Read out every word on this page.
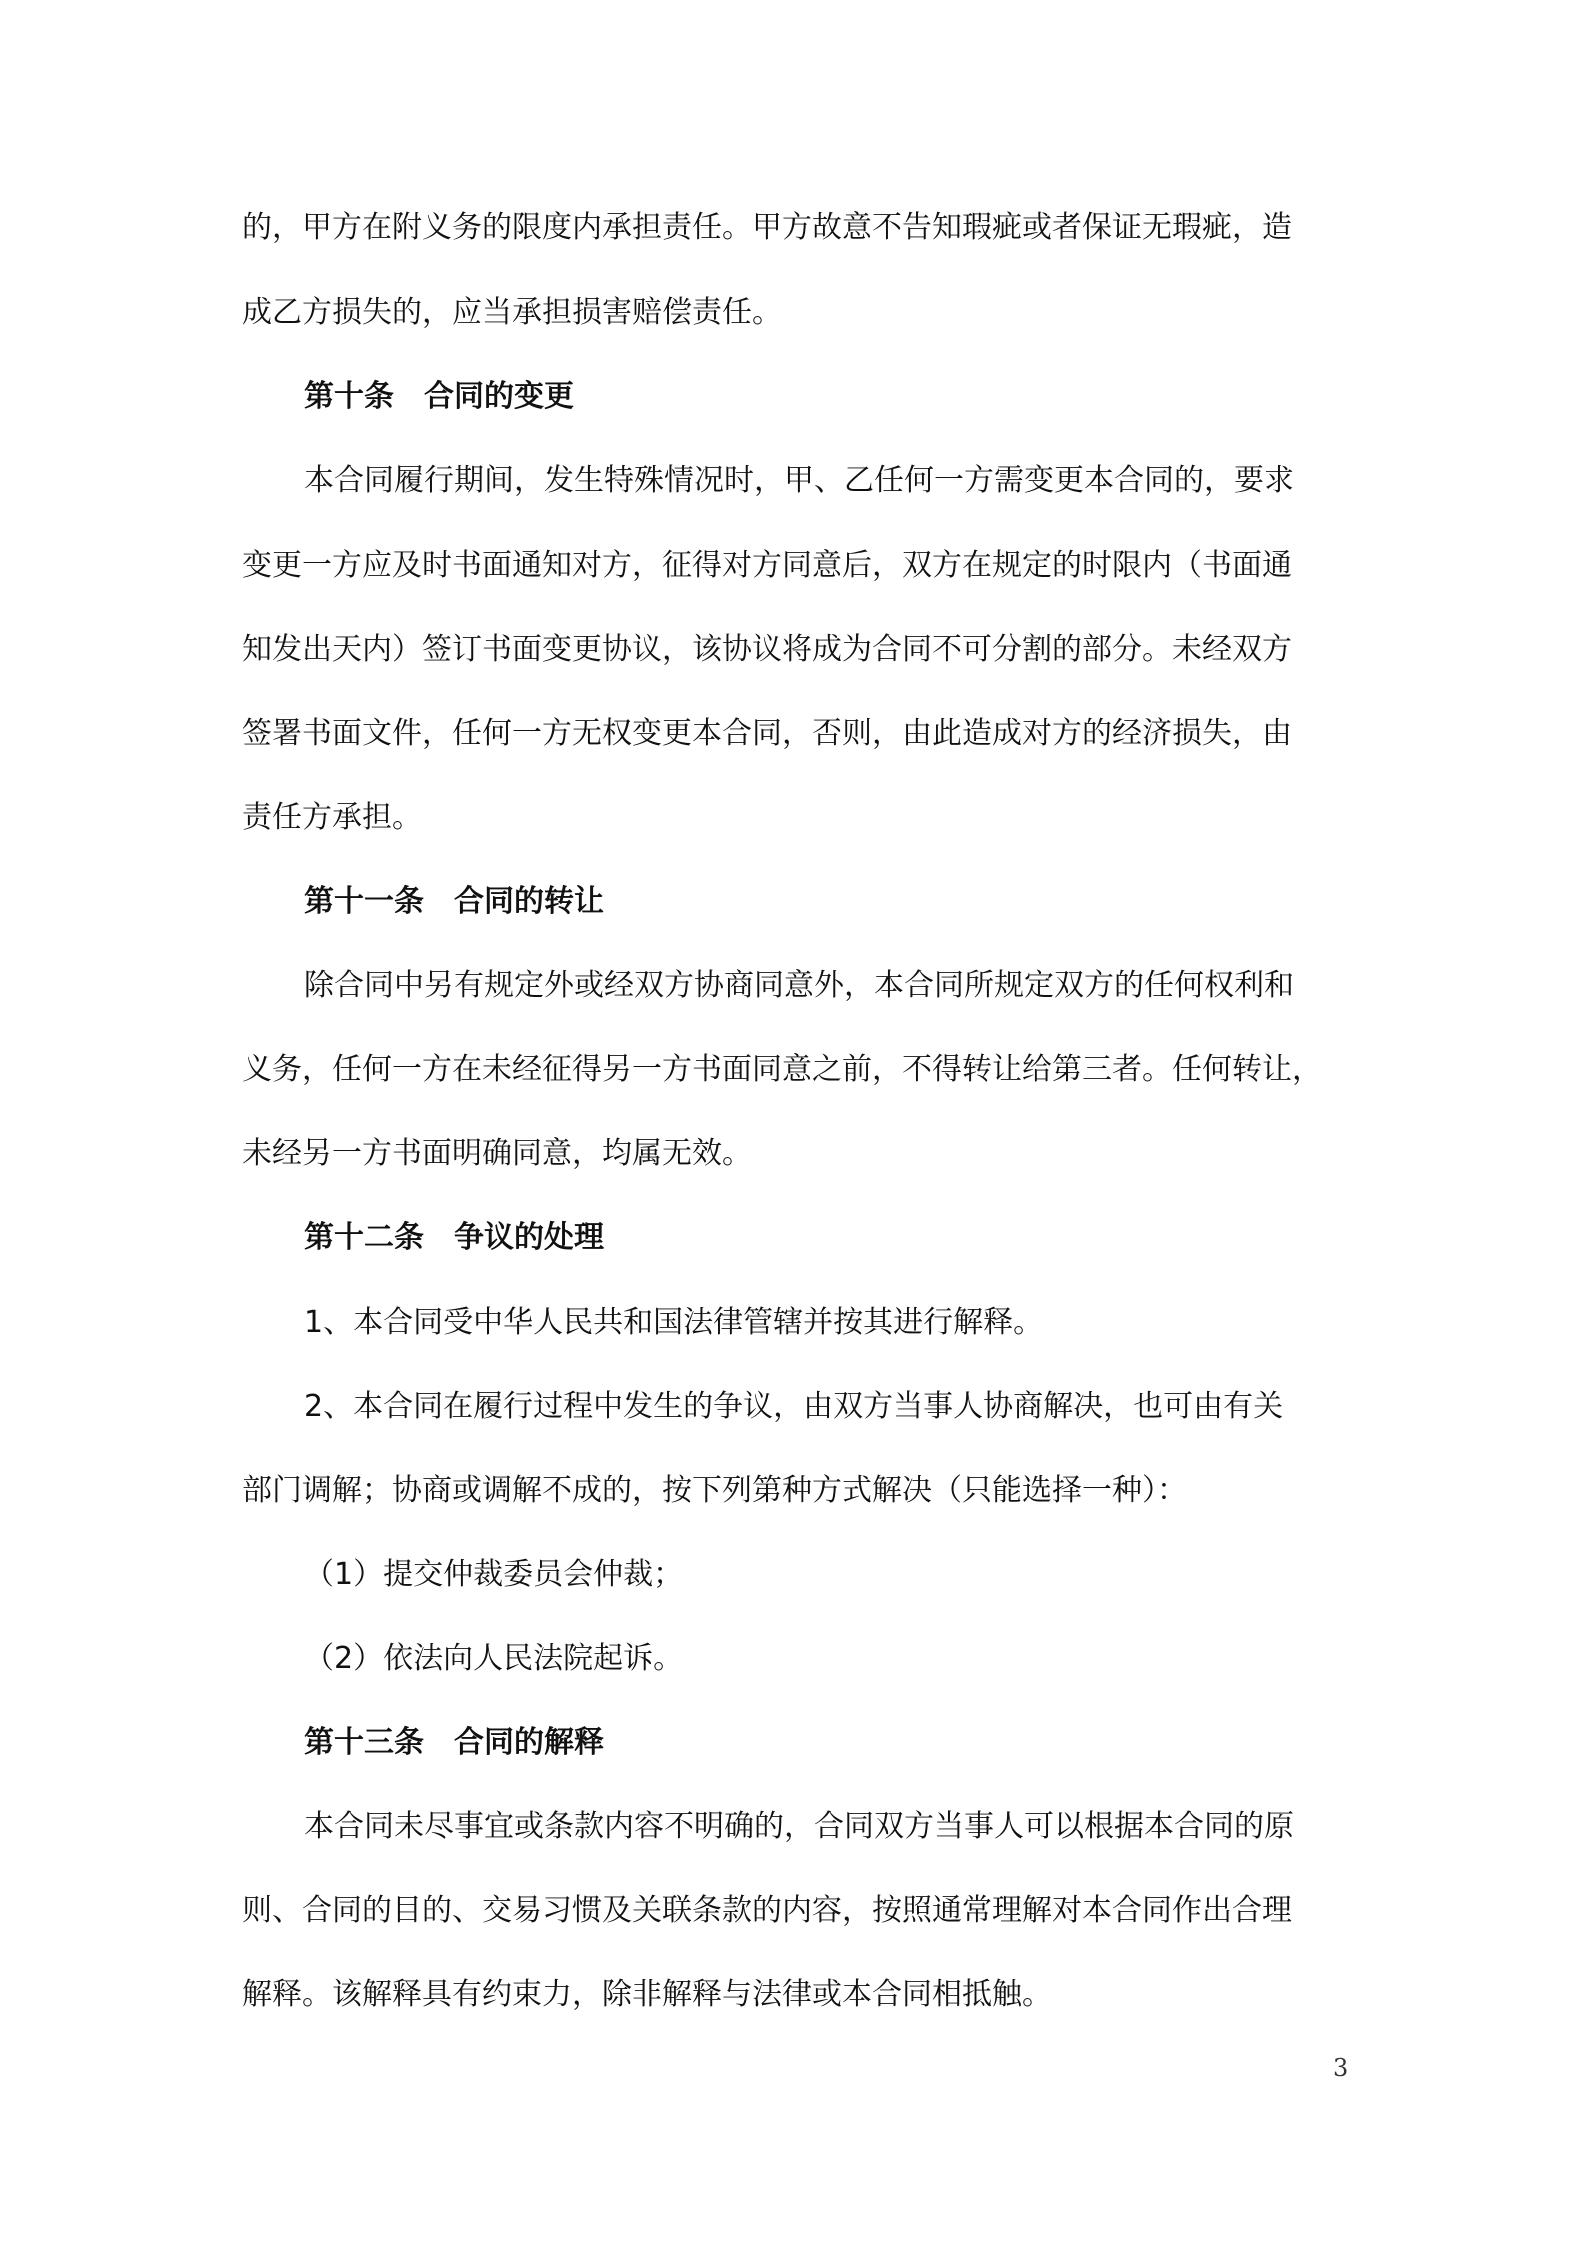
的，甲方在附义务的限度内承担责任。甲方故意不告知瑕疵或者保证无瑕疵，造
成乙方损失的，应当承担损害赔偿责任。
第十条　合同的变更
本合同履行期间，发生特殊情况时，甲、乙任何一方需变更本合同的，要求
变更一方应及时书面通知对方，征得对方同意后，双方在规定的时限内（书面通
知发出天内）签订书面变更协议，该协议将成为合同不可分割的部分。未经双方
签署书面文件，任何一方无权变更本合同，否则，由此造成对方的经济损失，由
责任方承担。
第十一条　合同的转让
除合同中另有规定外或经双方协商同意外，本合同所规定双方的任何权利和
义务，任何一方在未经征得另一方书面同意之前，不得转让给第三者。任何转让，
未经另一方书面明确同意，均属无效。
第十二条　争议的处理
1、本合同受中华人民共和国法律管辖并按其进行解释。
2、本合同在履行过程中发生的争议，由双方当事人协商解决，也可由有关
部门调解；协商或调解不成的，按下列第种方式解决（只能选择一种）：
（1）提交仲裁委员会仲裁；
（2）依法向人民法院起诉。
第十三条　合同的解释
本合同未尽事宜或条款内容不明确的，合同双方当事人可以根据本合同的原
则、合同的目的、交易习惯及关联条款的内容，按照通常理解对本合同作出合理
解释。该解释具有约束力，除非解释与法律或本合同相抵触。
3
